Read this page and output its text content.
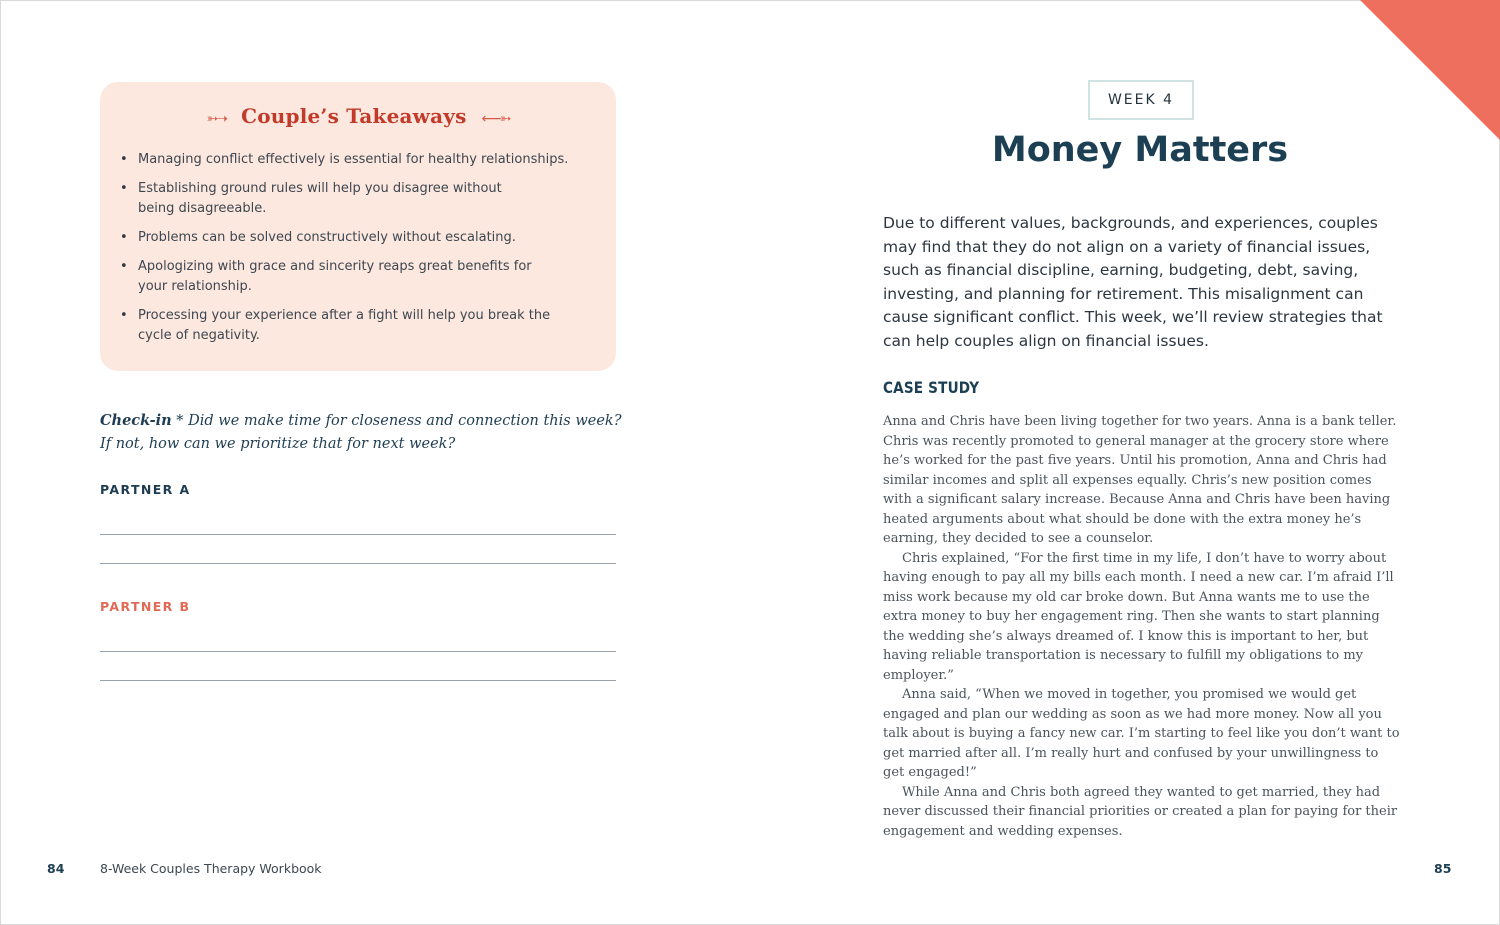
➳➝ Couple’s Takeaways ⟵➳
• Managing conflict effectively is essential for healthy relationships.
• Establishing ground rules will help you disagree without being disagreeable.
• Problems can be solved constructively without escalating.
• Apologizing with grace and sincerity reaps great benefits for your relationship.
• Processing your experience after a fight will help you break the cycle of negativity.
Check-in * Did we make time for closeness and connection this week? If not, how can we prioritize that for next week?
PARTNER A
PARTNER B
84	8-Week Couples Therapy Workbook
WEEK 4
Money Matters
Due to different values, backgrounds, and experiences, couples may find that they do not align on a variety of financial issues, such as financial discipline, earning, budgeting, debt, saving, investing, and planning for retirement. This misalignment can cause significant conflict. This week, we’ll review strategies that can help couples align on financial issues.
CASE STUDY

Anna and Chris have been living together for two years. Anna is a bank teller. Chris was recently promoted to general manager at the grocery store where he’s worked for the past five years. Until his promotion, Anna and Chris had similar incomes and split all expenses equally. Chris’s new position comes with a significant salary increase. Because Anna and Chris have been having heated arguments about what should be done with the extra money he’s earning, they decided to see a counselor.

Chris explained, “For the first time in my life, I don’t have to worry about having enough to pay all my bills each month. I need a new car. I’m afraid I’ll miss work because my old car broke down. But Anna wants me to use the extra money to buy her engagement ring. Then she wants to start planning the wedding she’s always dreamed of. I know this is important to her, but having reliable transportation is necessary to fulfill my obligations to my employer.”

Anna said, “When we moved in together, you promised we would get engaged and plan our wedding as soon as we had more money. Now all you talk about is buying a fancy new car. I’m starting to feel like you don’t want to get married after all. I’m really hurt and confused by your unwillingness to get engaged!”

While Anna and Chris both agreed they wanted to get married, they had never discussed their financial priorities or created a plan for paying for their engagement and wedding expenses.

85
